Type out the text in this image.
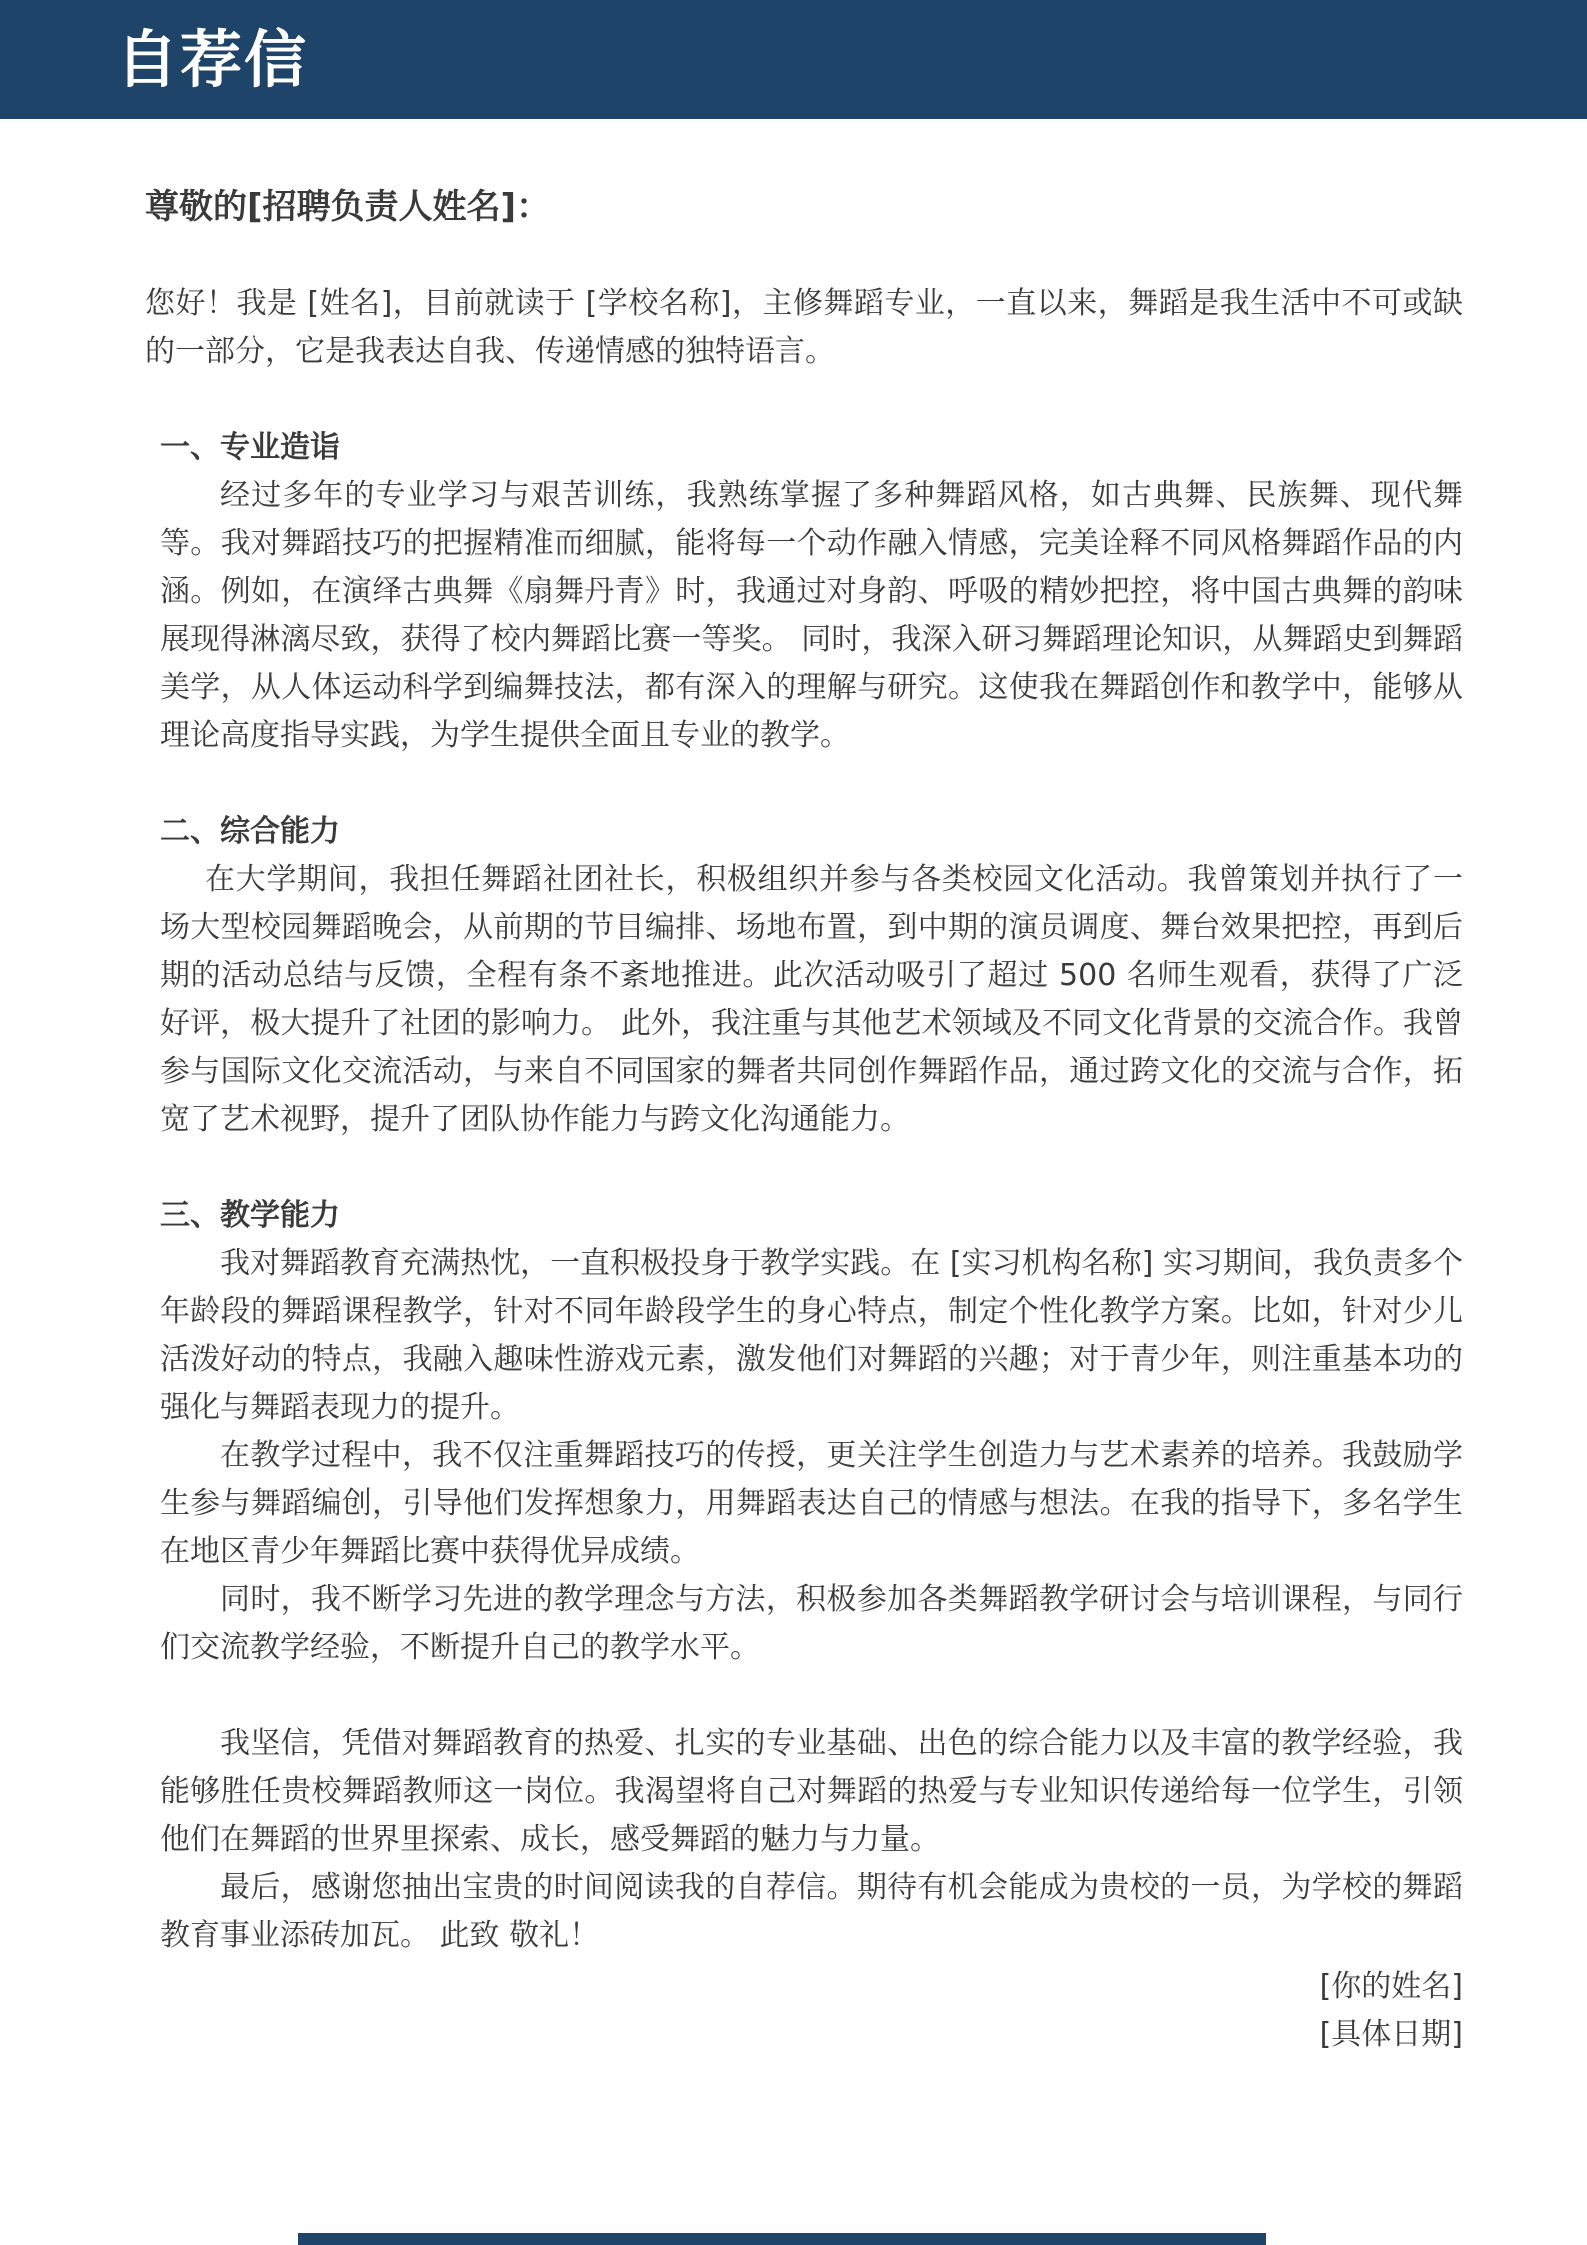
自荐信
尊敬的[招聘负责人姓名]：

您好！我是 [姓名]，目前就读于 [学校名称]，主修舞蹈专业，一直以来，舞蹈是我生活中不可或缺的一部分，它是我表达自我、传递情感的独特语言。

一、专业造诣

经过多年的专业学习与艰苦训练，我熟练掌握了多种舞蹈风格，如古典舞、民族舞、现代舞等。我对舞蹈技巧的把握精准而细腻，能将每一个动作融入情感，完美诠释不同风格舞蹈作品的内涵。例如，在演绎古典舞《扇舞丹青》时，我通过对身韵、呼吸的精妙把控，将中国古典舞的韵味展现得淋漓尽致，获得了校内舞蹈比赛一等奖。 同时，我深入研习舞蹈理论知识，从舞蹈史到舞蹈美学，从人体运动科学到编舞技法，都有深入的理解与研究。这使我在舞蹈创作和教学中，能够从理论高度指导实践，为学生提供全面且专业的教学。

二、综合能力

在大学期间，我担任舞蹈社团社长，积极组织并参与各类校园文化活动。我曾策划并执行了一场大型校园舞蹈晚会，从前期的节目编排、场地布置，到中期的演员调度、舞台效果把控，再到后期的活动总结与反馈，全程有条不紊地推进。此次活动吸引了超过 500 名师生观看，获得了广泛好评，极大提升了社团的影响力。 此外，我注重与其他艺术领域及不同文化背景的交流合作。我曾参与国际文化交流活动，与来自不同国家的舞者共同创作舞蹈作品，通过跨文化的交流与合作，拓宽了艺术视野，提升了团队协作能力与跨文化沟通能力。

三、教学能力

我对舞蹈教育充满热忱，一直积极投身于教学实践。在 [实习机构名称] 实习期间，我负责多个年龄段的舞蹈课程教学，针对不同年龄段学生的身心特点，制定个性化教学方案。比如，针对少儿活泼好动的特点，我融入趣味性游戏元素，激发他们对舞蹈的兴趣；对于青少年，则注重基本功的强化与舞蹈表现力的提升。

在教学过程中，我不仅注重舞蹈技巧的传授，更关注学生创造力与艺术素养的培养。我鼓励学生参与舞蹈编创，引导他们发挥想象力，用舞蹈表达自己的情感与想法。在我的指导下，多名学生在地区青少年舞蹈比赛中获得优异成绩。

同时，我不断学习先进的教学理念与方法，积极参加各类舞蹈教学研讨会与培训课程，与同行们交流教学经验，不断提升自己的教学水平。

我坚信，凭借对舞蹈教育的热爱、扎实的专业基础、出色的综合能力以及丰富的教学经验，我能够胜任贵校舞蹈教师这一岗位。我渴望将自己对舞蹈的热爱与专业知识传递给每一位学生，引领他们在舞蹈的世界里探索、成长，感受舞蹈的魅力与力量。

最后，感谢您抽出宝贵的时间阅读我的自荐信。期待有机会能成为贵校的一员，为学校的舞蹈教育事业添砖加瓦。 此致 敬礼！

[你的姓名]
[具体日期]
